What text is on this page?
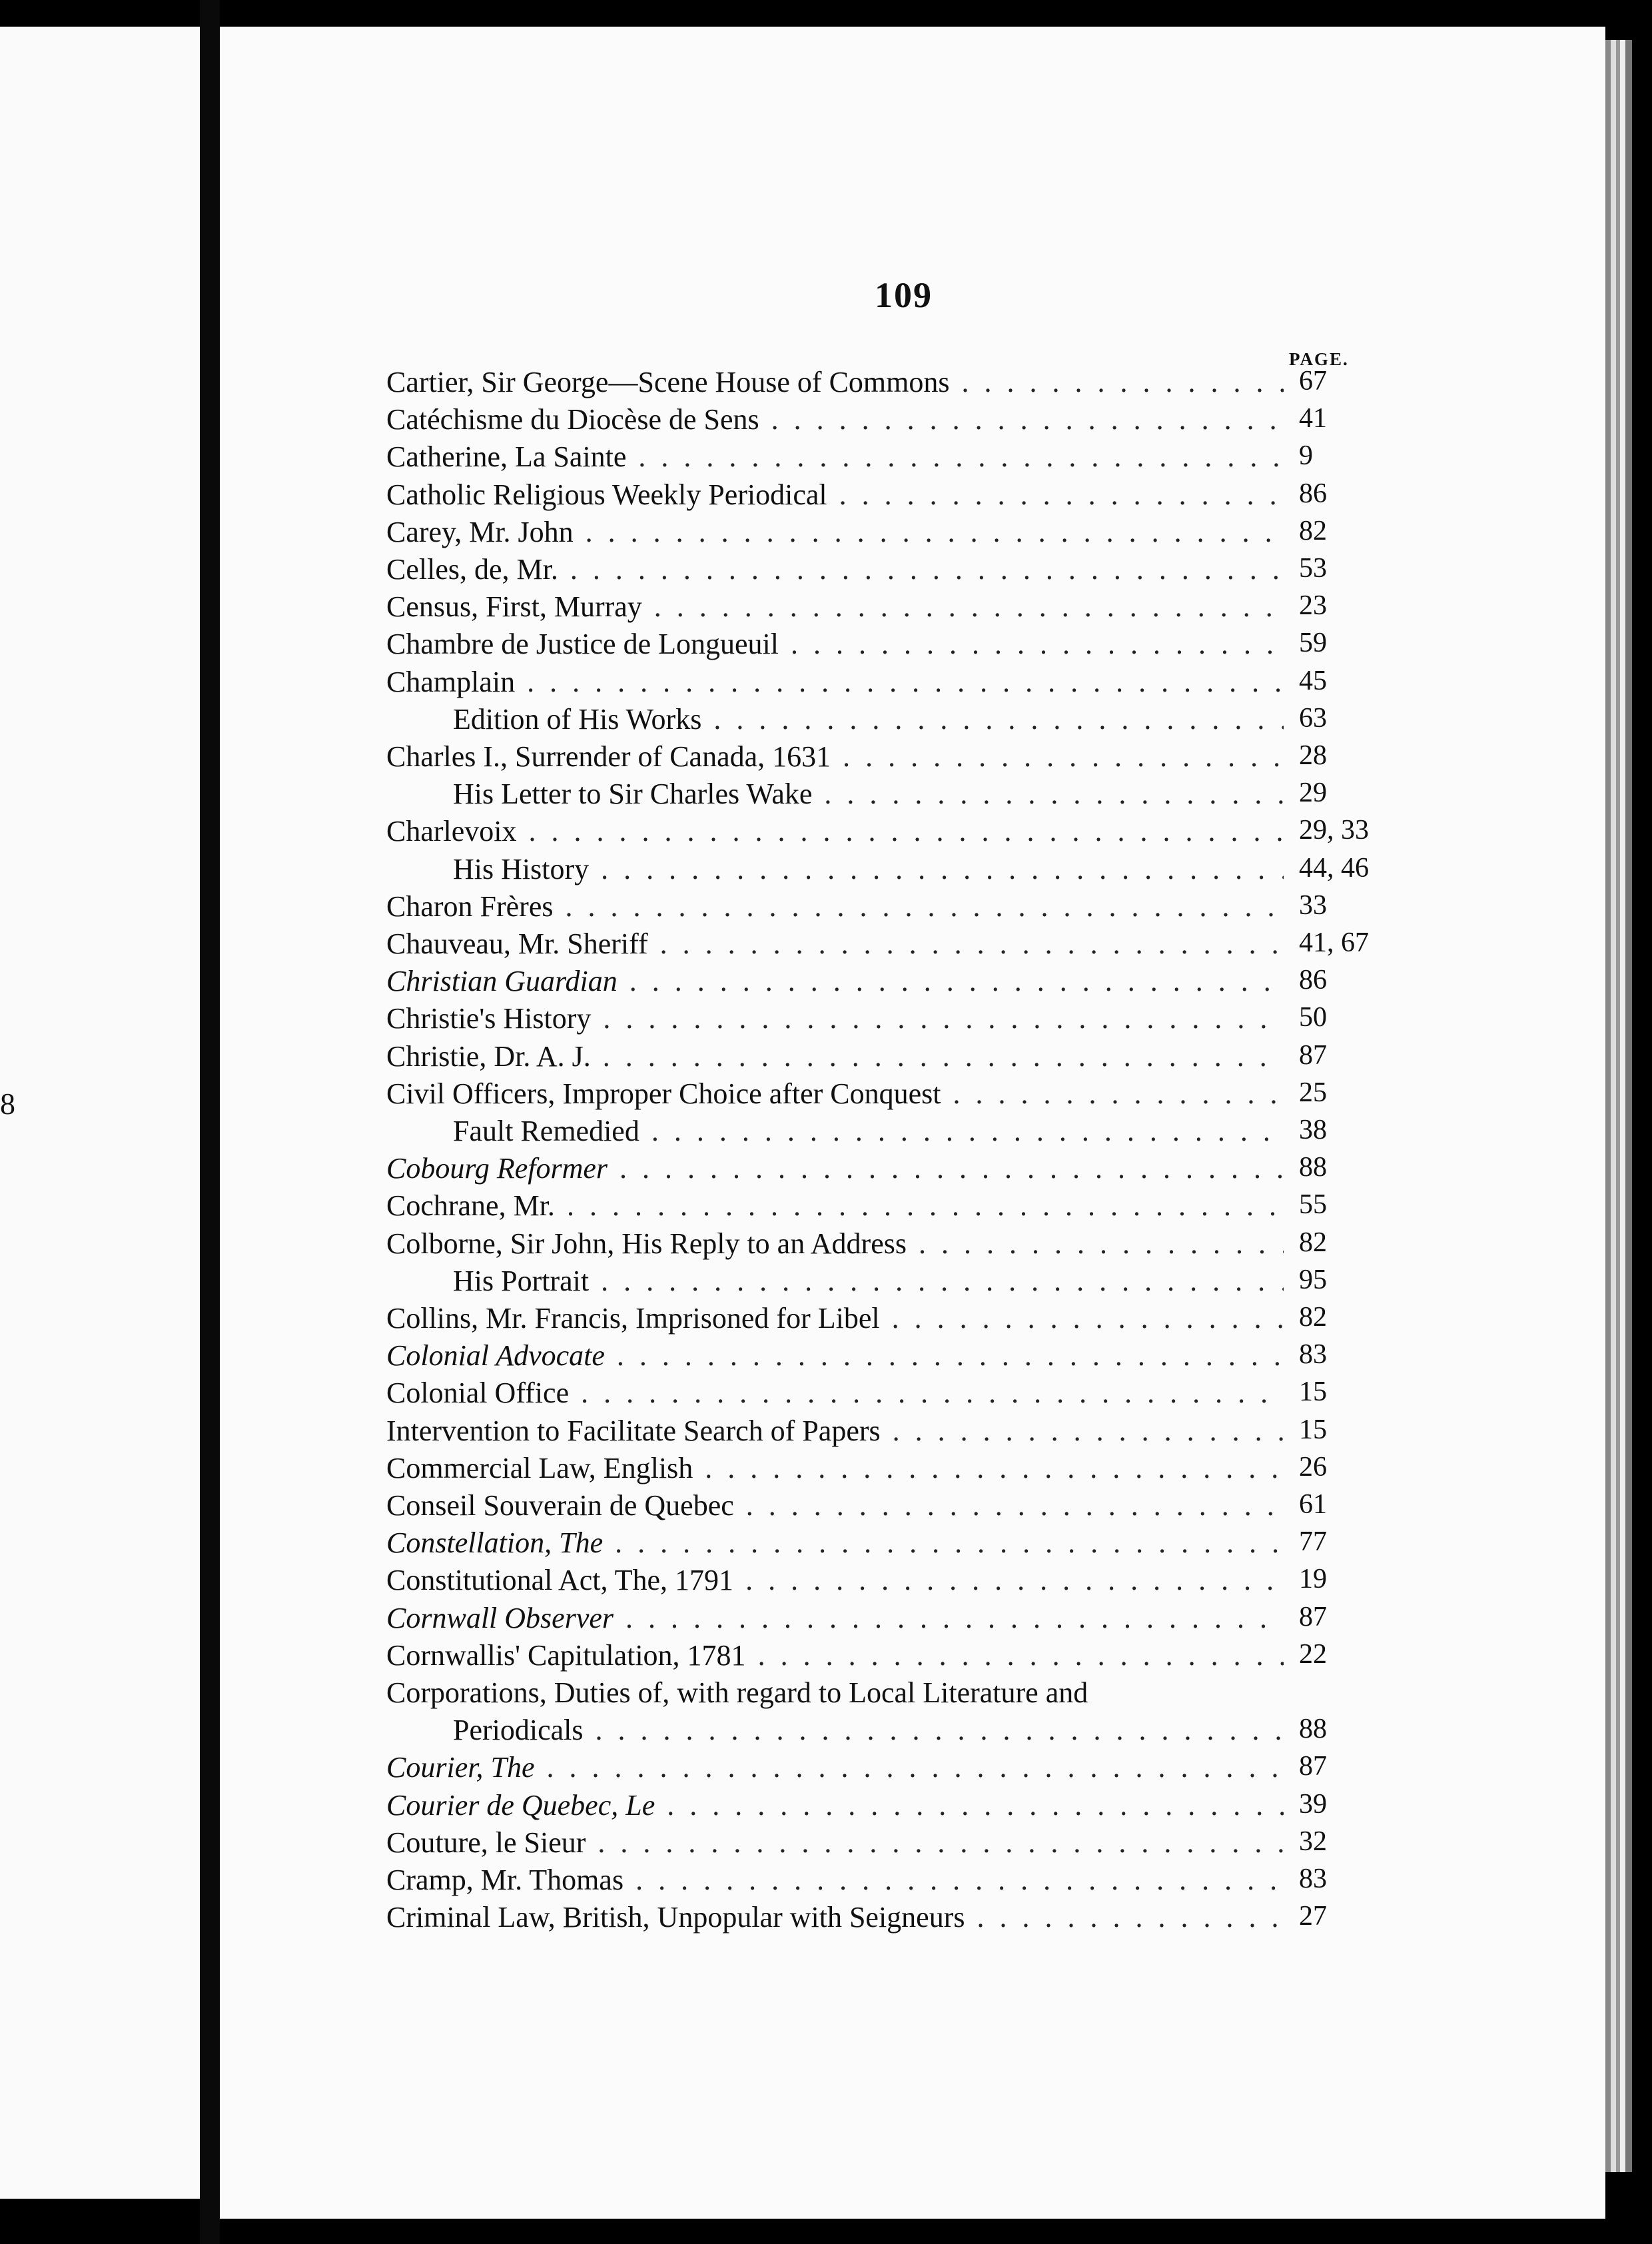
8
109
PAGE.
Cartier, Sir George—Scene House of Commons . . .	67
Catéchisme du Diocèse de Sens . . .	41
Catherine, La Sainte . . .	9
Catholic Religious Weekly Periodical . . .	86
Carey, Mr. John . . .	82
Celles, de, Mr. . . .	53
Census, First, Murray . . .	23
Chambre de Justice de Longueuil . . .	59
Champlain . . .	45
Edition of His Works . . .	63
Charles I., Surrender of Canada, 1631 . . .	28
His Letter to Sir Charles Wake . . .	29
Charlevoix . . .	29, 33
His History . . .	44, 46
Charon Frères . . .	33
Chauveau, Mr. Sheriff . . .	41, 67
Christian Guardian . . .	86
Christie's History . . .	50
Christie, Dr. A. J. . . .	87
Civil Officers, Improper Choice after Conquest . . .	25
Fault Remedied . . .	38
Cobourg Reformer . . .	88
Cochrane, Mr. . . .	55
Colborne, Sir John, His Reply to an Address . . .	82
His Portrait . . .	95
Collins, Mr. Francis, Imprisoned for Libel . . .	82
Colonial Advocate . . .	83
Colonial Office . . .	15
Intervention to Facilitate Search of Papers . . .	15
Commercial Law, English . . .	26
Conseil Souverain de Quebec . . .	61
Constellation, The . . .	77
Constitutional Act, The, 1791 . . .	19
Cornwall Observer . . .	87
Cornwallis' Capitulation, 1781 . . .	22
Corporations, Duties of, with regard to Local Literature and
Periodicals . . .	88
Courier, The . . .	87
Courier de Quebec, Le . . .	39
Couture, le Sieur . . .	32
Cramp, Mr. Thomas . . .	83
Criminal Law, British, Unpopular with Seigneurs . . .	27
